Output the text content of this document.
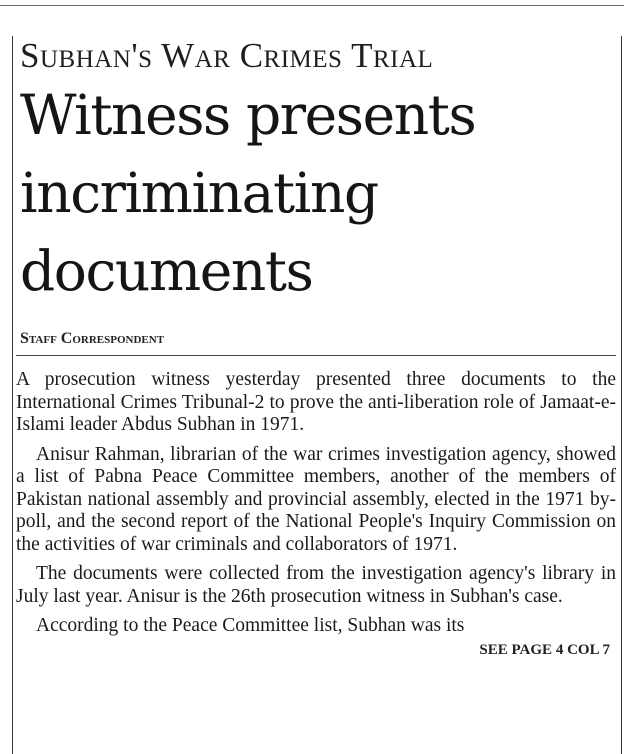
Subhan's War Crimes Trial
Witness presents
incriminating
documents
Staff Correspondent

A prosecution witness yesterday presented three documents to the International Crimes Tribunal-2 to prove the anti-liberation role of Jamaat-e-Islami leader Abdus Subhan in 1971.

Anisur Rahman, librarian of the war crimes investigation agency, showed a list of Pabna Peace Committee members, another of the members of Pakistan national assembly and provincial assembly, elected in the 1971 by-poll, and the second report of the National People's Inquiry Commission on the activities of war criminals and collaborators of 1971.

The documents were collected from the investigation agency's library in July last year. Anisur is the 26th prosecution witness in Subhan's case.

According to the Peace Committee list, Subhan was its

SEE PAGE 4 COL 7
